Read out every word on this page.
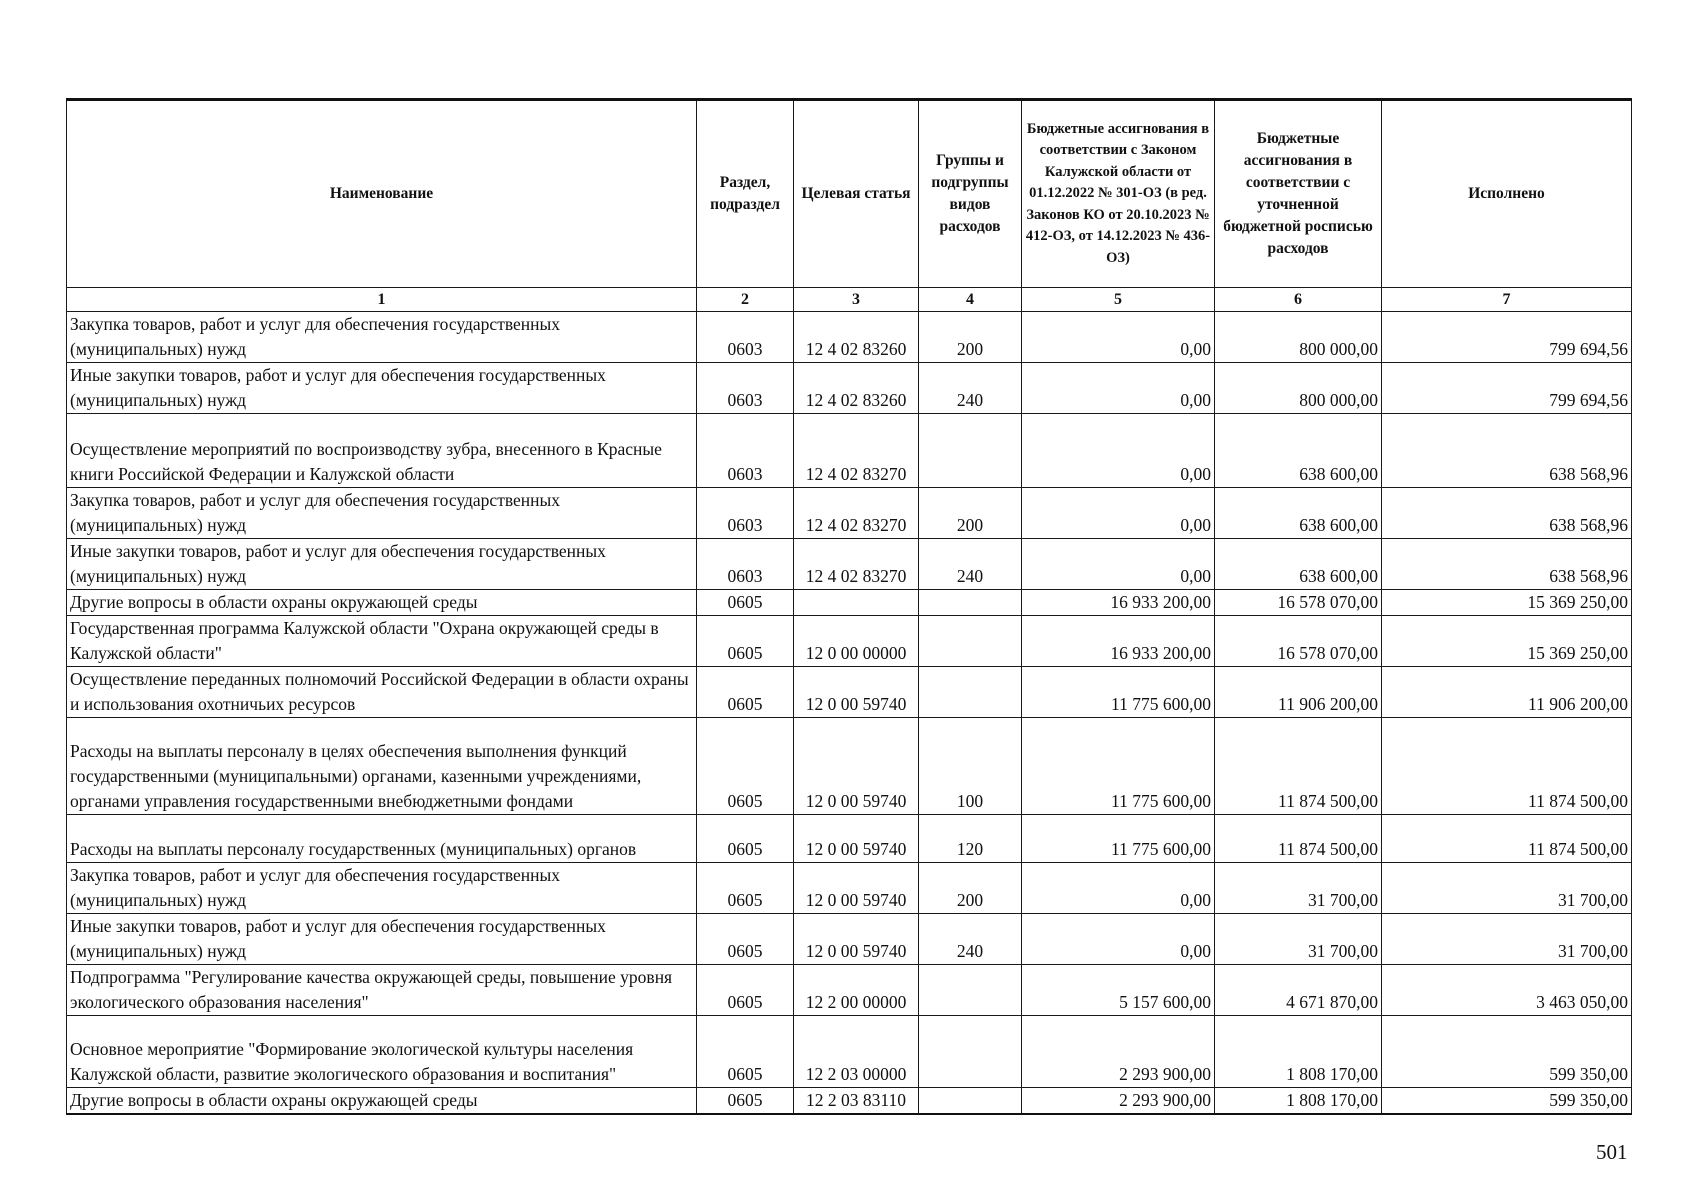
Наименование	Раздел, подраздел	Целевая статья	Группы и подгруппы видов расходов	Бюджетные ассигнования в соответствии с Законом Калужской области от 01.12.2022 № 301-ОЗ (в ред. Законов КО от 20.10.2023 № 412-ОЗ, от 14.12.2023 № 436-ОЗ)	Бюджетные ассигнования в соответствии с уточненной бюджетной росписью расходов	Исполнено
1	2	3	4	5	6	7
Закупка товаров, работ и услуг для обеспечения государственных (муниципальных) нужд	0603	12 4 02 83260	200	0,00	800 000,00	799 694,56
Иные закупки товаров, работ и услуг для обеспечения государственных (муниципальных) нужд	0603	12 4 02 83260	240	0,00	800 000,00	799 694,56
Осуществление мероприятий по воспроизводству зубра, внесенного в Красные книги Российской Федерации и Калужской области	0603	12 4 02 83270		0,00	638 600,00	638 568,96
Закупка товаров, работ и услуг для обеспечения государственных (муниципальных) нужд	0603	12 4 02 83270	200	0,00	638 600,00	638 568,96
Иные закупки товаров, работ и услуг для обеспечения государственных (муниципальных) нужд	0603	12 4 02 83270	240	0,00	638 600,00	638 568,96
Другие вопросы в области охраны окружающей среды	0605			16 933 200,00	16 578 070,00	15 369 250,00
Государственная программа Калужской области "Охрана окружающей среды в Калужской области"	0605	12 0 00 00000		16 933 200,00	16 578 070,00	15 369 250,00
Осуществление переданных полномочий Российской Федерации в области охраны и использования охотничьих ресурсов	0605	12 0 00 59740		11 775 600,00	11 906 200,00	11 906 200,00
Расходы на выплаты персоналу в целях обеспечения выполнения функций государственными (муниципальными) органами, казенными учреждениями, органами управления государственными внебюджетными фондами	0605	12 0 00 59740	100	11 775 600,00	11 874 500,00	11 874 500,00
Расходы на выплаты персоналу государственных (муниципальных) органов	0605	12 0 00 59740	120	11 775 600,00	11 874 500,00	11 874 500,00
Закупка товаров, работ и услуг для обеспечения государственных (муниципальных) нужд	0605	12 0 00 59740	200	0,00	31 700,00	31 700,00
Иные закупки товаров, работ и услуг для обеспечения государственных (муниципальных) нужд	0605	12 0 00 59740	240	0,00	31 700,00	31 700,00
Подпрограмма "Регулирование качества окружающей среды, повышение уровня экологического образования населения"	0605	12 2 00 00000		5 157 600,00	4 671 870,00	3 463 050,00
Основное мероприятие "Формирование экологической культуры населения Калужской области, развитие экологического образования и воспитания"	0605	12 2 03 00000		2 293 900,00	1 808 170,00	599 350,00
Другие вопросы в области охраны окружающей среды	0605	12 2 03 83110		2 293 900,00	1 808 170,00	599 350,00
501
